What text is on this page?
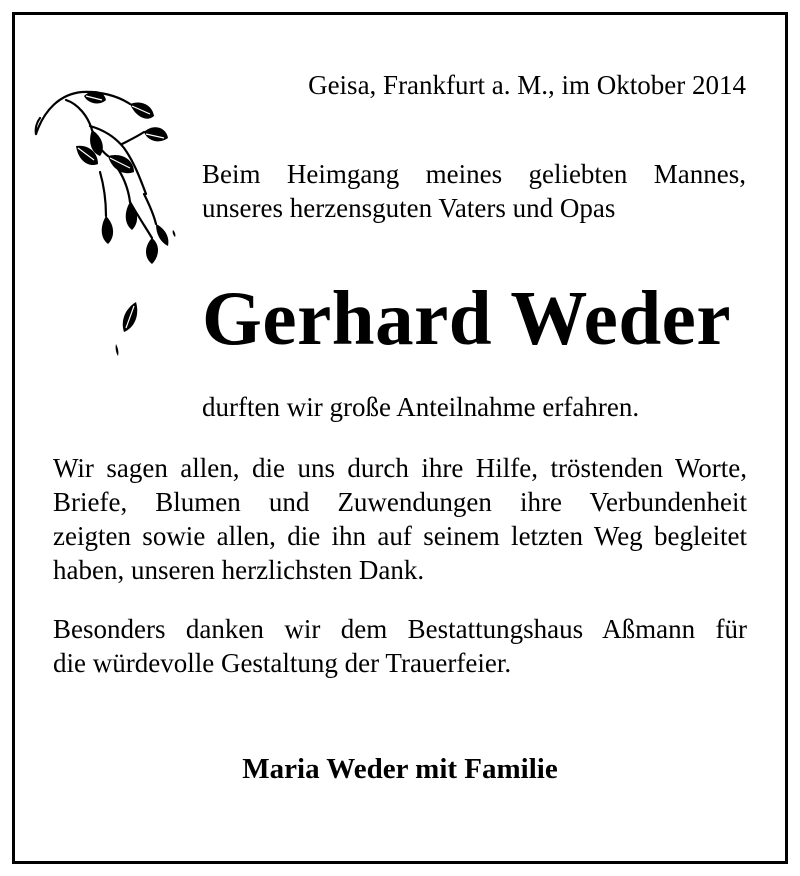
Geisa, Frankfurt a. M., im Oktober 2014

Beim Heimgang meines geliebten Mannes,
unseres herzensguten Vaters und Opas

Gerhard Weder
durften wir große Anteilnahme erfahren.

Wir sagen allen, die uns durch ihre Hilfe, tröstenden Worte,
Briefe, Blumen und Zuwendungen ihre Verbundenheit
zeigten sowie allen, die ihn auf seinem letzten Weg begleitet
haben, unseren herzlichsten Dank.

Besonders danken wir dem Bestattungshaus Aßmann für
die würdevolle Gestaltung der Trauerfeier.

Maria Weder mit Familie
